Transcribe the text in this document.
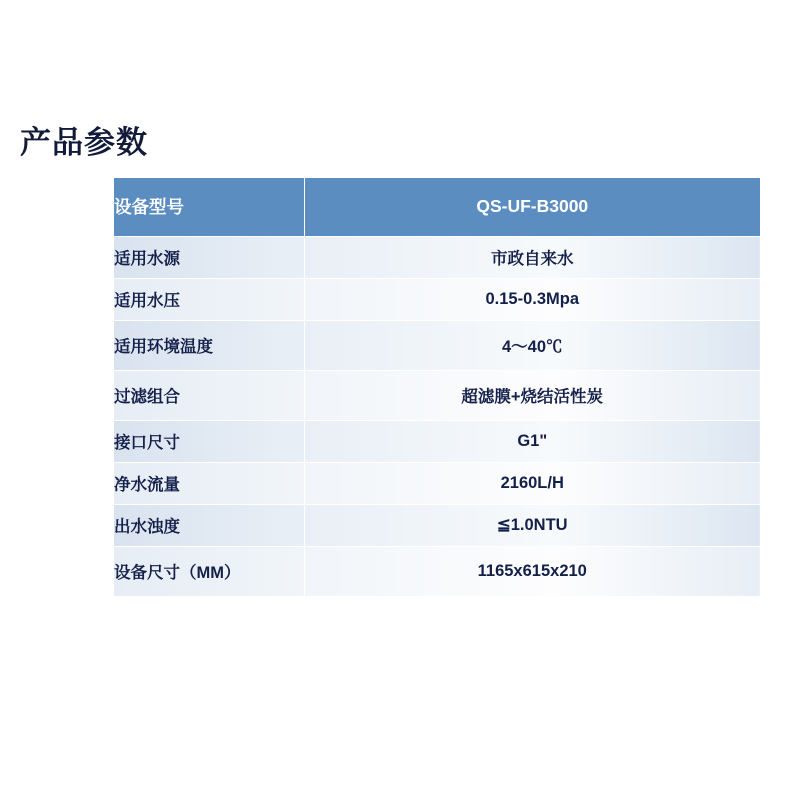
产品参数
设备型号	QS-UF-B3000
适用水源	市政自来水
适用水压	0.15-0.3Mpa
适用环境温度	4～40℃
过滤组合	超滤膜+烧结活性炭
接口尺寸	G1"
净水流量	2160L/H
出水浊度	≦1.0NTU
设备尺寸（MM）	1165x615x210
